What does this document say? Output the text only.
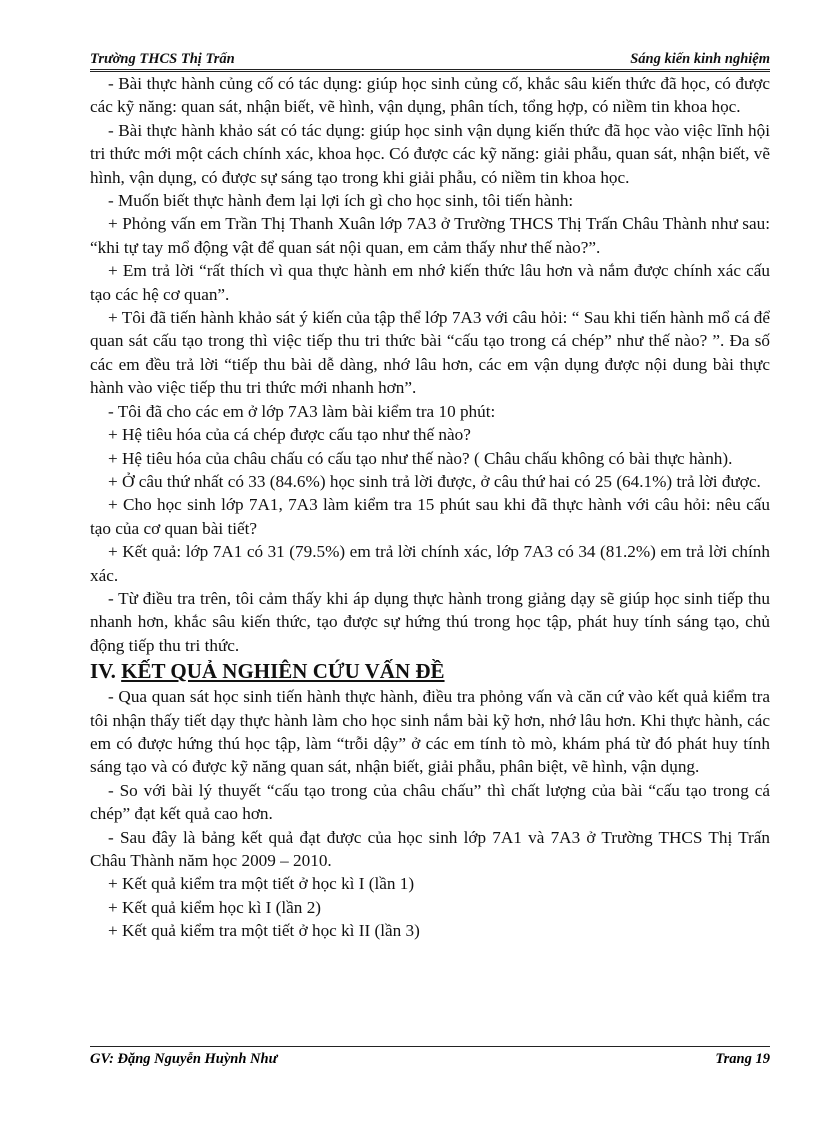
Trường THCS Thị Trấn	Sáng kiến kinh nghiệm

- Bài thực hành củng cố có tác dụng: giúp học sinh củng cố, khắc sâu kiến thức đã học, có được các kỹ năng: quan sát, nhận biết, vẽ hình, vận dụng, phân tích, tổng hợp, có niềm tin khoa học.

- Bài thực hành khảo sát có tác dụng: giúp học sinh vận dụng kiến thức đã học vào việc lĩnh hội tri thức mới một cách chính xác, khoa học. Có được các kỹ năng: giải phẫu, quan sát, nhận biết, vẽ hình, vận dụng, có được sự sáng tạo trong khi giải phẫu, có niềm tin khoa học.

- Muốn biết thực hành đem lại lợi ích gì cho học sinh, tôi tiến hành:

+ Phỏng vấn em Trần Thị Thanh Xuân lớp 7A3 ở Trường THCS Thị Trấn Châu Thành như sau: “khi tự tay mổ động vật để quan sát nội quan, em cảm thấy như thế nào?”.

+ Em trả lời “rất thích vì qua thực hành em nhớ kiến thức lâu hơn và nắm được chính xác cấu tạo các hệ cơ quan”.

+ Tôi đã tiến hành khảo sát ý kiến của tập thể lớp 7A3 với câu hỏi: “ Sau khi tiến hành mổ cá để quan sát cấu tạo trong thì việc tiếp thu tri thức bài “cấu tạo trong cá chép” như thế nào? ”. Đa số các em đều trả lời “tiếp thu bài dễ dàng, nhớ lâu hơn, các em vận dụng được nội dung bài thực hành vào việc tiếp thu tri thức mới nhanh hơn”.

- Tôi đã cho các em ở lớp 7A3 làm bài kiểm tra 10 phút:

+ Hệ tiêu hóa của cá chép được cấu tạo như thế nào?

+ Hệ tiêu hóa của châu chấu có cấu tạo như thế nào? ( Châu chấu không có bài thực hành).

+ Ở câu thứ nhất có 33 (84.6%) học sinh trả lời được, ở câu thứ hai có 25 (64.1%) trả lời được.

+ Cho học sinh lớp 7A1, 7A3 làm kiểm tra 15 phút sau khi đã thực hành với câu hỏi: nêu cấu tạo của cơ quan bài tiết?

+ Kết quả: lớp 7A1 có 31 (79.5%) em trả lời chính xác, lớp 7A3 có 34 (81.2%) em trả lời chính xác.

- Từ điều tra trên, tôi cảm thấy khi áp dụng thực hành trong giảng dạy sẽ giúp học sinh tiếp thu nhanh hơn, khắc sâu kiến thức, tạo được sự hứng thú trong học tập, phát huy tính sáng tạo, chủ động tiếp thu tri thức.

IV. KẾT QUẢ NGHIÊN CỨU VẤN ĐỀ

- Qua quan sát học sinh tiến hành thực hành, điều tra phỏng vấn và căn cứ vào kết quả kiểm tra tôi nhận thấy tiết dạy thực hành làm cho học sinh nắm bài kỹ hơn, nhớ lâu hơn. Khi thực hành, các em có được hứng thú học tập, làm “trỗi dậy” ở các em tính tò mò, khám phá từ đó phát huy tính sáng tạo và có được kỹ năng quan sát, nhận biết, giải phẫu, phân biệt, vẽ hình, vận dụng.

- So với bài lý thuyết “cấu tạo trong của châu chấu” thì chất lượng của bài “cấu tạo trong cá chép” đạt kết quả cao hơn.

- Sau đây là bảng kết quả đạt được của học sinh lớp 7A1 và 7A3 ở Trường THCS Thị Trấn Châu Thành năm học 2009 – 2010.

+ Kết quả kiểm tra một tiết ở học kì I (lần 1)

+ Kết quả kiểm học kì I (lần 2)

+ Kết quả kiểm tra một tiết ở học kì II (lần 3)

GV: Đặng Nguyễn Huỳnh Như	Trang 19
